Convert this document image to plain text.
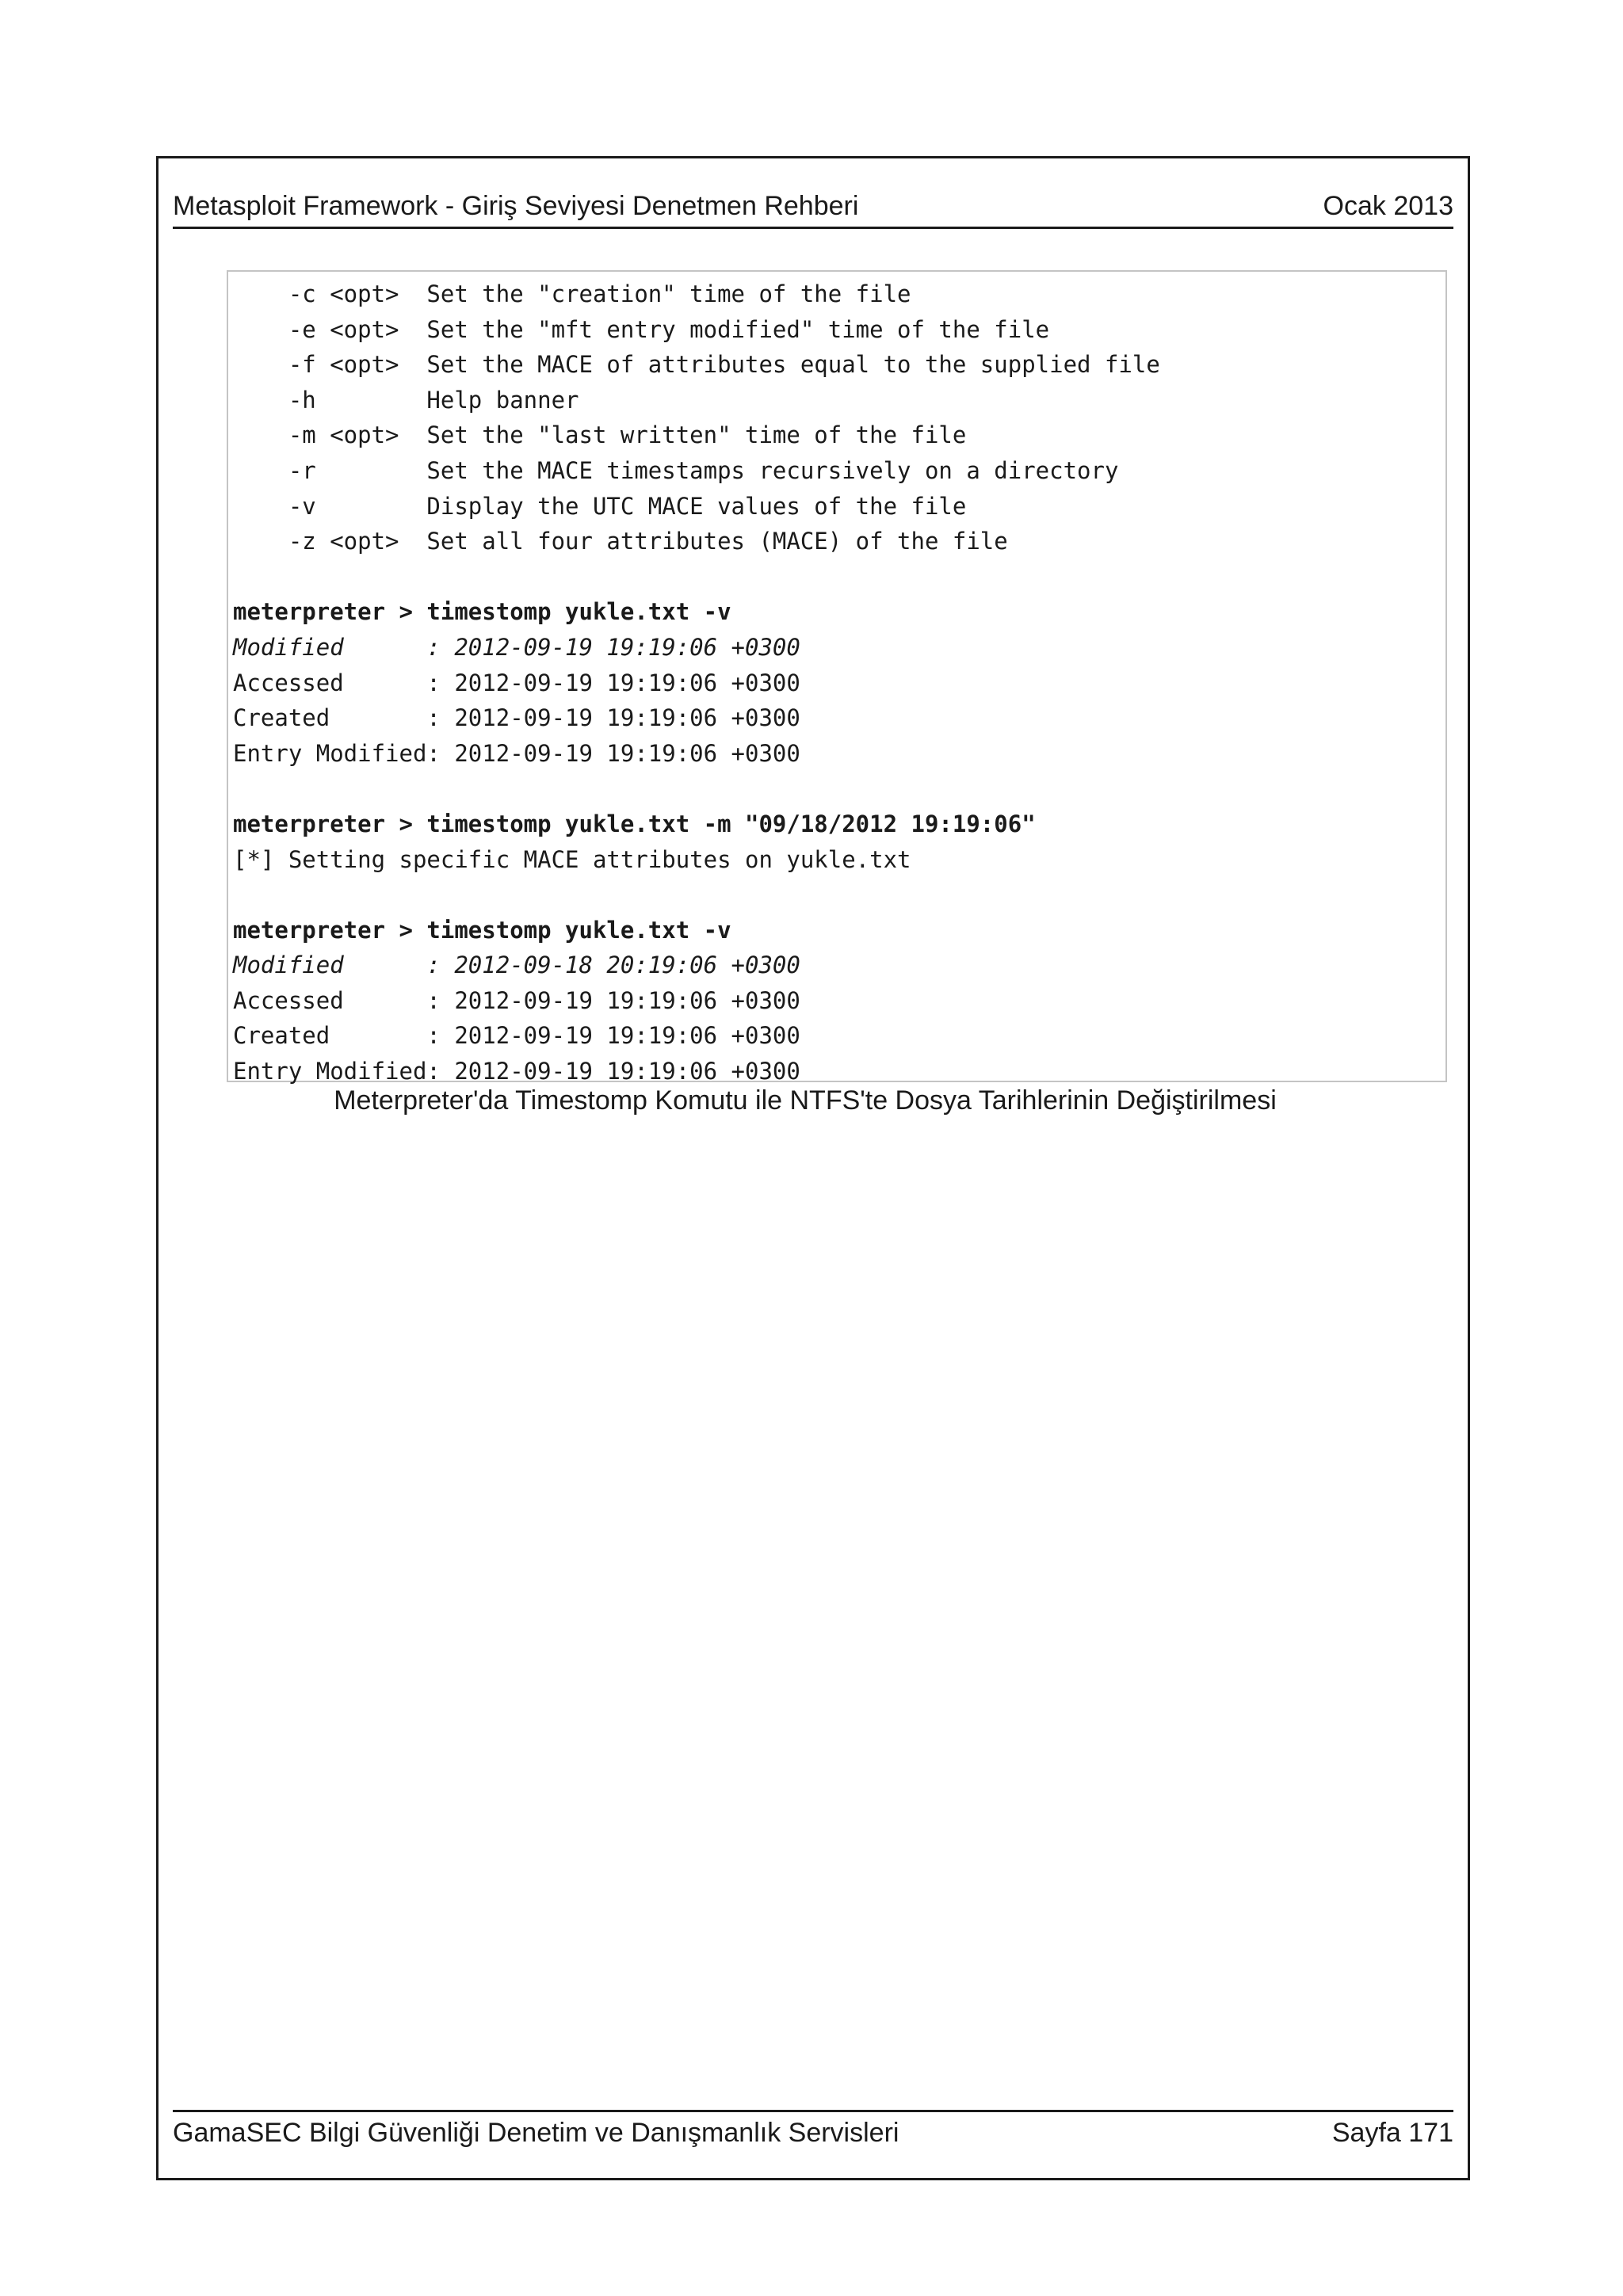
Metasploit Framework - Giriş Seviyesi Denetmen Rehberi	Ocak 2013
-c <opt>  Set the "creation" time of the file
-e <opt>  Set the "mft entry modified" time of the file
-f <opt>  Set the MACE of attributes equal to the supplied file
-h        Help banner
-m <opt>  Set the "last written" time of the file
-r        Set the MACE timestamps recursively on a directory
-v        Display the UTC MACE values of the file
-z <opt>  Set all four attributes (MACE) of the file
meterpreter > timestomp yukle.txt -v
Modified      : 2012-09-19 19:19:06 +0300
Accessed      : 2012-09-19 19:19:06 +0300
Created       : 2012-09-19 19:19:06 +0300
Entry Modified: 2012-09-19 19:19:06 +0300
meterpreter > timestomp yukle.txt -m "09/18/2012 19:19:06"
[*] Setting specific MACE attributes on yukle.txt
meterpreter > timestomp yukle.txt -v
Modified      : 2012-09-18 20:19:06 +0300
Accessed      : 2012-09-19 19:19:06 +0300
Created       : 2012-09-19 19:19:06 +0300
Entry Modified: 2012-09-19 19:19:06 +0300
Meterpreter'da Timestomp Komutu ile NTFS'te Dosya Tarihlerinin Değiştirilmesi
GamaSEC Bilgi Güvenliği Denetim ve Danışmanlık Servisleri	Sayfa 171
